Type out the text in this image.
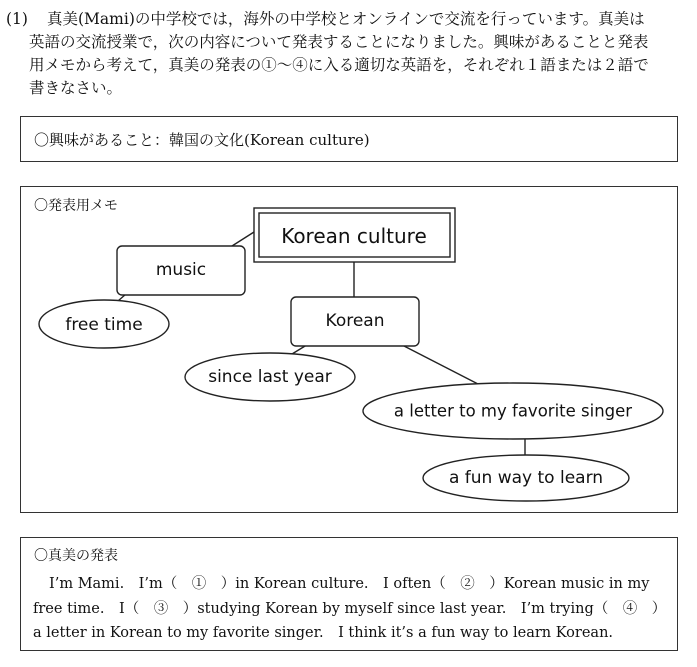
(1)	真美(Mami)の中学校では，海外の中学校とオンラインで交流を行っています。真美は
英語の交流授業で，次の内容について発表することになりました。興味があることと発表
用メモから考えて，真美の発表の①～④に入る適切な英語を，それぞれ１語または２語で
書きなさい。
〇興味があること：韓国の文化(Korean culture)
〇発表用メモ
Korean culture
music
Korean
free time
since last year
a letter to my favorite singer
a fun way to learn
〇真美の発表
I’m Mami.　I’m（　①　）in Korean culture.　I often（　②　）Korean music in my
free time.　I（　③　）studying Korean by myself since last year.　I’m trying（　④　）
a letter in Korean to my favorite singer.　I think it’s a fun way to learn Korean.
